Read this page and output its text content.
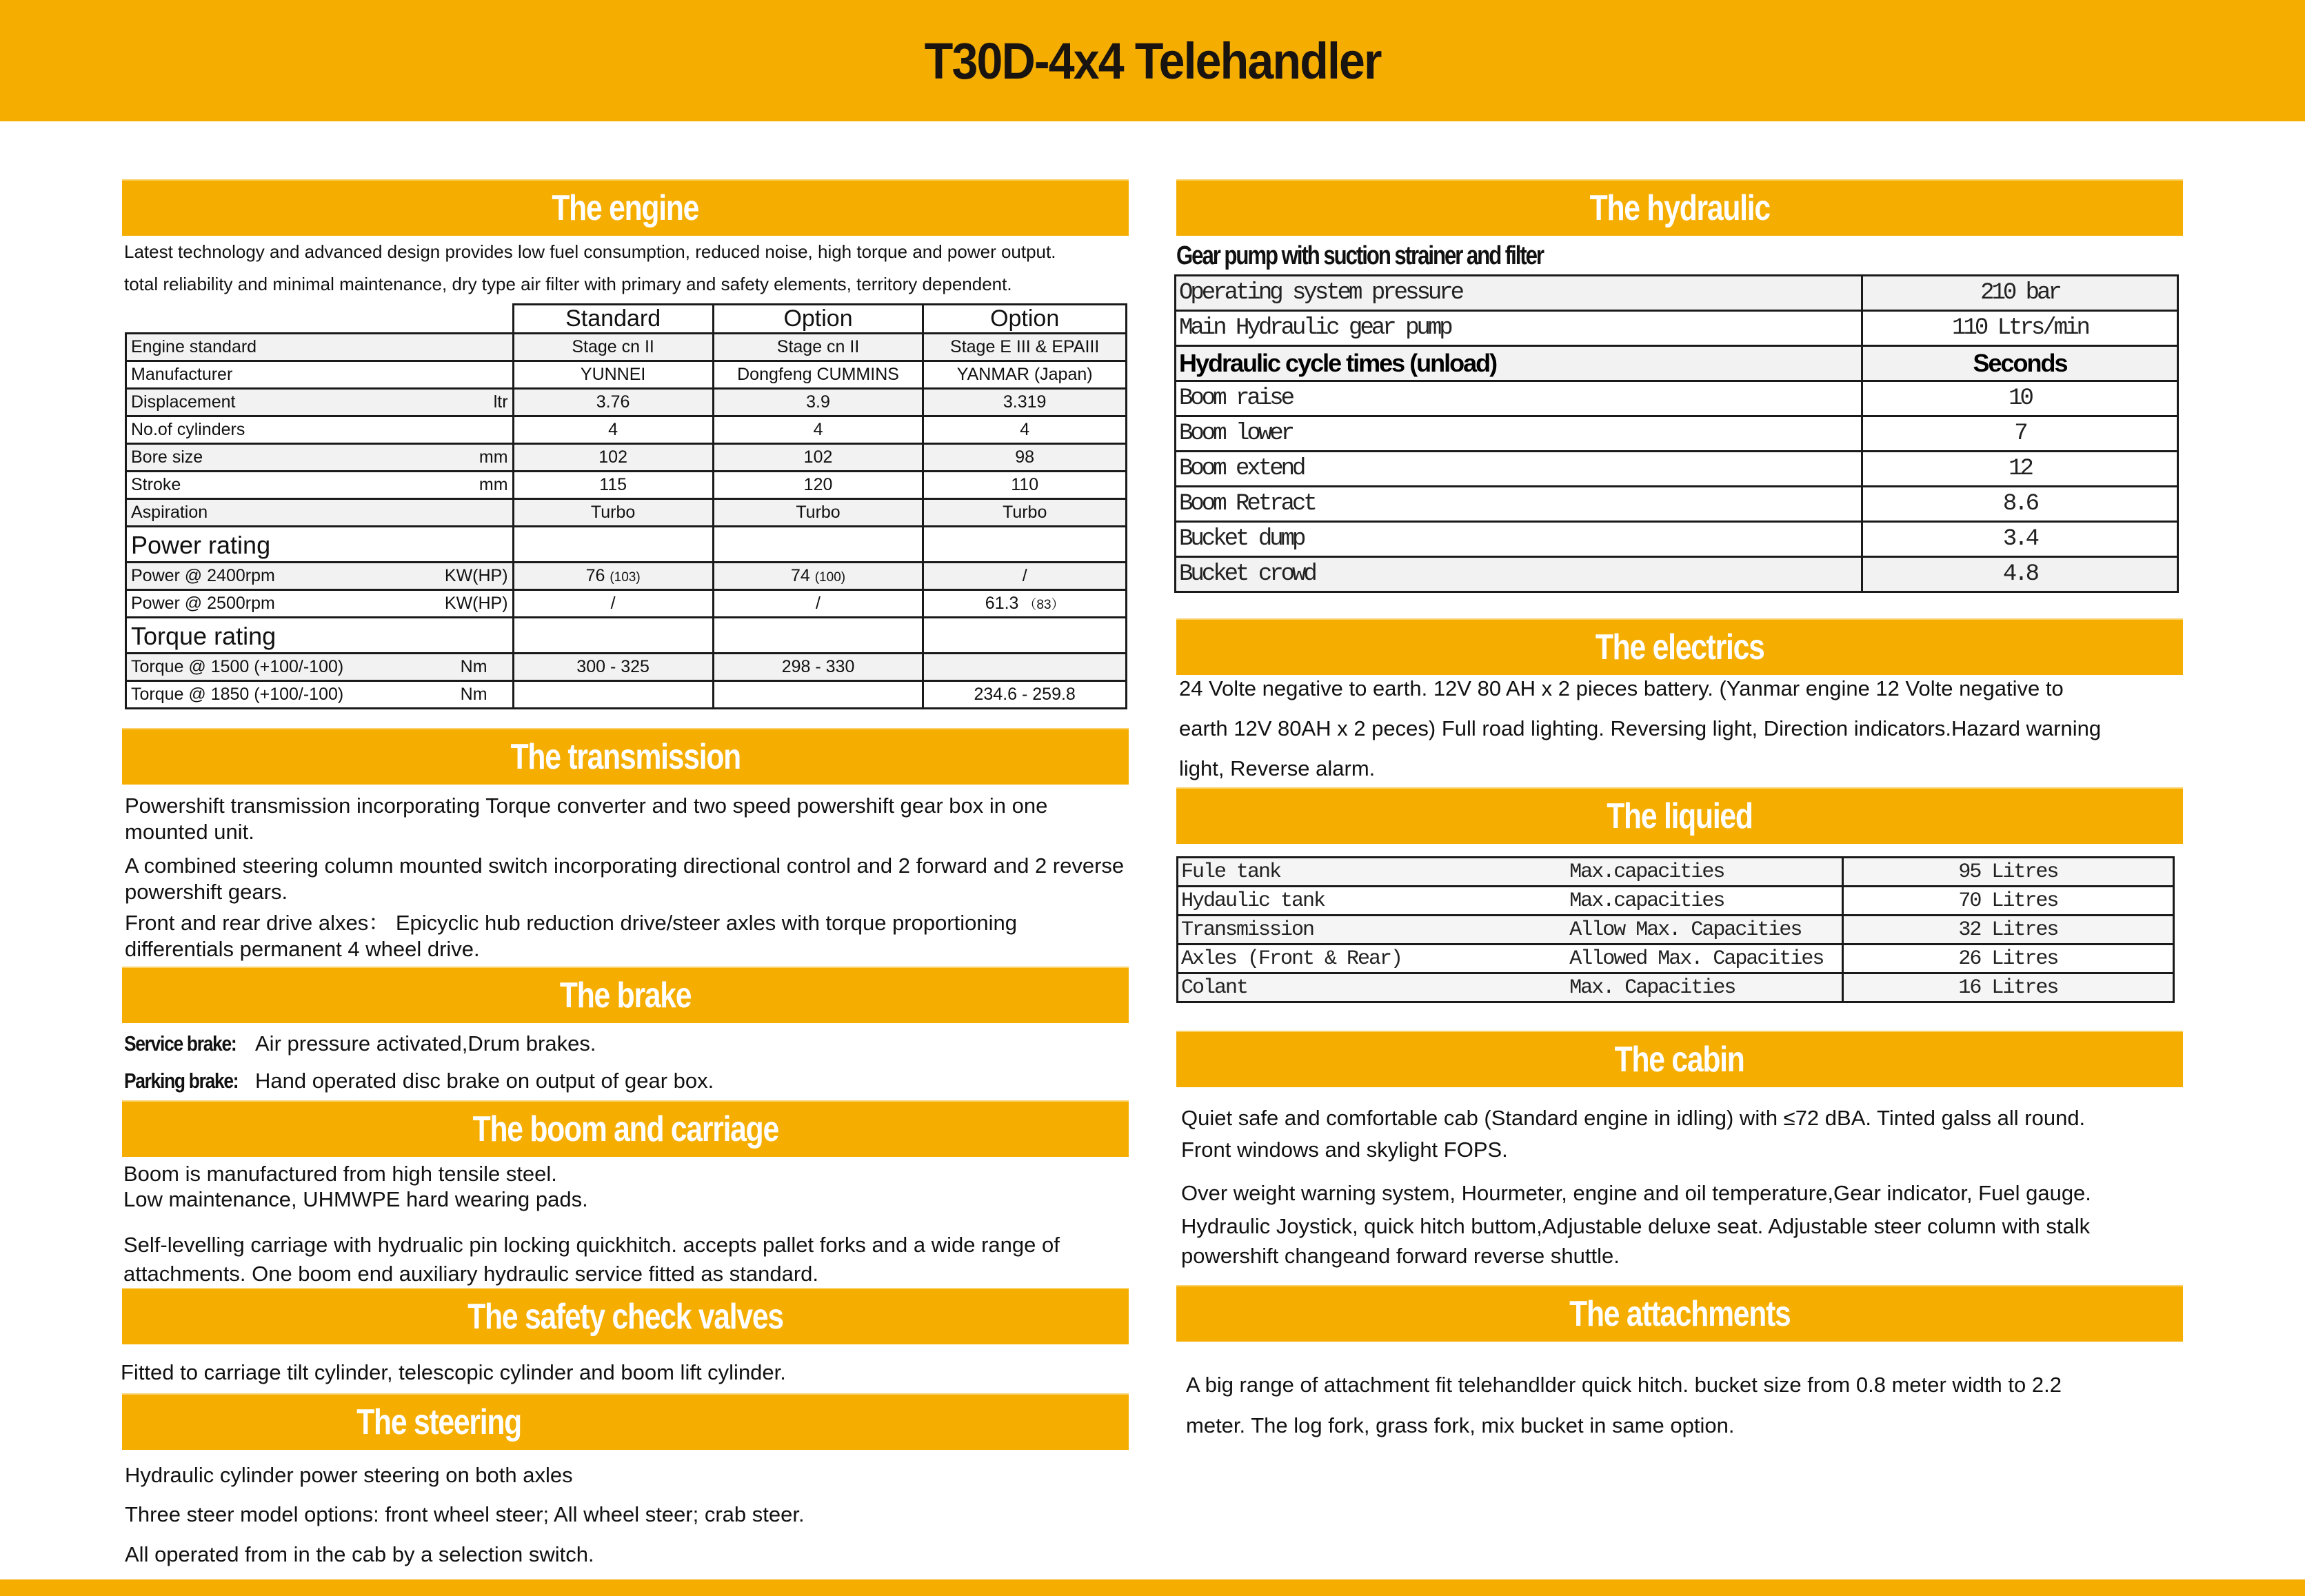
T30D-4x4 Telehandler
The engine
Latest technology and advanced design provides low fuel consumption, reduced noise, high torque and power output.
total reliability and minimal maintenance, dry type air filter with primary and safety elements, territory dependent.
	Standard	Option	Option
Engine standard	Stage cn II	Stage cn II	Stage E III & EPAIII
Manufacturer	YUNNEI	Dongfeng CUMMINS	YANMAR (Japan)
Displacement ltr	3.76	3.9	3.319
No.of cylinders	4	4	4
Bore size mm	102	102	98
Stroke mm	115	120	110
Aspiration	Turbo	Turbo	Turbo
Power rating			
Power @ 2400rpm KW(HP)	76 (103)	74 (100)	/
Power @ 2500rpm KW(HP)	/	/	61.3 （83）
Torque rating			
Torque @ 1500 (+100/-100) Nm	300 - 325	298 - 330	
Torque @ 1850 (+100/-100) Nm			234.6 - 259.8
The transmission
Powershift transmission incorporating Torque converter and two speed powershift gear box in one mounted unit.
A combined steering column mounted switch incorporating directional control and 2 forward and 2 reverse powershift gears.
Front and rear drive alxes： Epicyclic hub reduction drive/steer axles with torque proportioning differentials permanent 4 wheel drive.
The brake
Service brake: Air pressure activated,Drum brakes.
Parking brake: Hand operated disc brake on output of gear box.
The boom and carriage
Boom is manufactured from high tensile steel.
Low maintenance, UHMWPE hard wearing pads.
Self-levelling carriage with hydrualic pin locking quickhitch. accepts pallet forks and a wide range of attachments. One boom end auxiliary hydraulic service fitted as standard.
The safety check valves
Fitted to carriage tilt cylinder, telescopic cylinder and boom lift cylinder.
The steering
Hydraulic cylinder power steering on both axles
Three steer model options: front wheel steer; All wheel steer; crab steer.
All operated from in the cab by a selection switch.
The hydraulic
Gear pump with suction strainer and filter
Operating system pressure	210 bar
Main Hydraulic gear pump	110 Ltrs/min
Hydraulic cycle times (unload)	Seconds
Boom raise	10
Boom lower	7
Boom extend	12
Boom Retract	8.6
Bucket dump	3.4
Bucket crowd	4.8
The electrics
24 Volte negative to earth. 12V 80 AH x 2 pieces battery. (Yanmar engine 12 Volte negative to
earth 12V 80AH x 2 peces) Full road lighting. Reversing light, Direction indicators.Hazard warning
light, Reverse alarm.
The liquied
Fule tank	Max.capacities	95 Litres
Hydaulic tank	Max.capacities	70 Litres
Transmission	Allow Max. Capacities	32 Litres
Axles (Front & Rear)	Allowed Max. Capacities	26 Litres
Colant	Max. Capacities	16 Litres
The cabin
Quiet safe and comfortable cab (Standard engine in idling) with ≤72 dBA. Tinted galss all round.
Front windows and skylight FOPS.
Over weight warning system, Hourmeter, engine and oil temperature,Gear indicator, Fuel gauge.
Hydraulic Joystick, quick hitch buttom,Adjustable deluxe seat. Adjustable steer column with stalk
powershift changeand forward reverse shuttle.
The attachments
A big range of attachment fit telehandlder quick hitch. bucket size from 0.8 meter width to 2.2
meter. The log fork, grass fork, mix bucket in same option.
